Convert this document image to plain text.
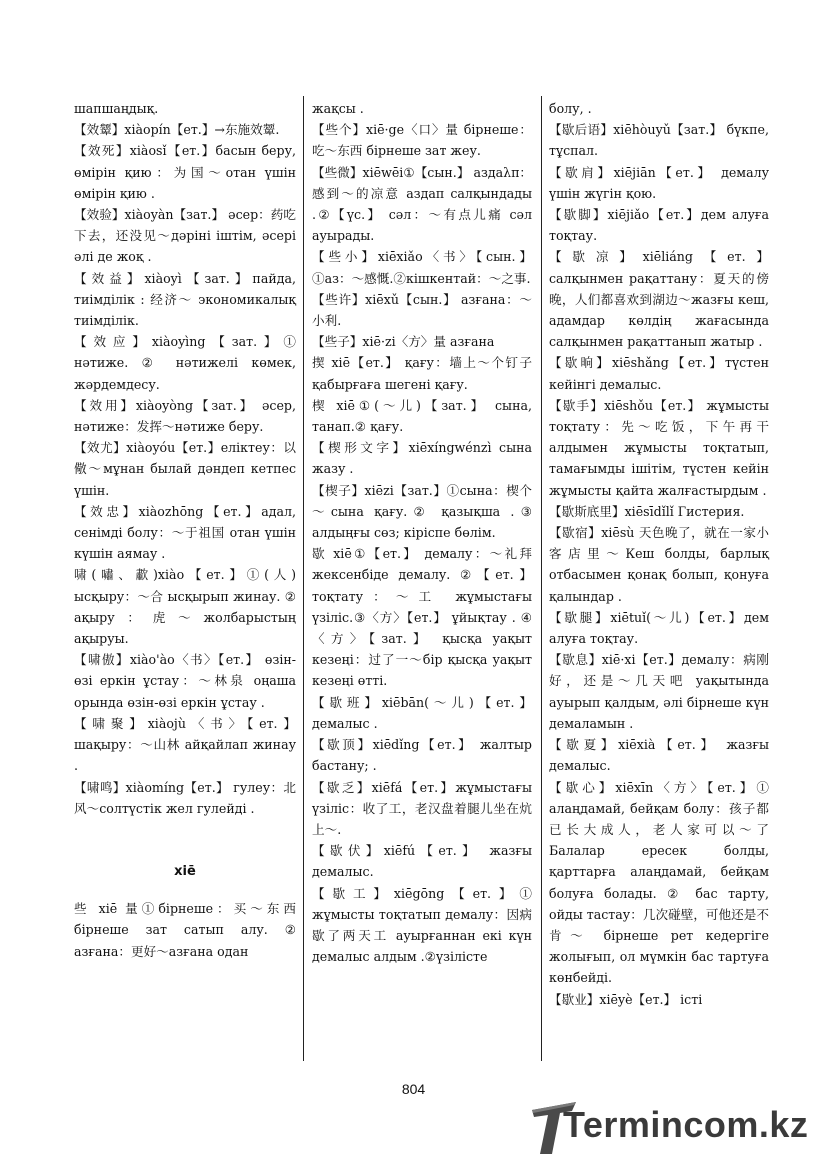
шапшаңдық.

【效颦】xiàopín【ет.】→东施效颦.

【效死】xiàosǐ【ет.】басын беру, өмірін қию：为国～отан үшін өмірін қию .

【效验】xiàoyàn【зат.】 әсер：药吃下去，还没见～дәріні іштім, әсері әлі де жоқ .

【效益】xiàoyì【зат.】пайда, тиімділік : 经济～ экономикалық тиімділік.

【效应】xiàoyìng【зат.】① нәтиже. ② нәтижелі көмек, жәрдемдесу.

【效用】xiàoyòng【зат.】 әсер, нәтиже：发挥～нәтиже беру.

【效尤】xiàoyóu【ет.】еліктеу：以儆～мұнан былай дәндеп кетпес үшін.

【效忠】xiàozhōng【ет.】адал, сенімді болу：～于祖国 отан үшін күшін аямау .

啸(嘯、歗)xiào【ет.】①(人) ысқыру：～合 ысқырып жинау. ② ақыру：虎～жолбарыстың ақыруы.

【啸傲】xiào'ào〈书〉【ет.】 өзін-өзі еркін ұстау：～林泉 оңаша орында өзін-өзі еркін ұстау .

【啸聚】xiàojù〈书〉【ет.】 шақыру：～山林 айқайлап жинау .

【啸鸣】xiàomíng【ет.】 гулеу：北风～солтүстік жел гулейді .

xiē

些 xiē 量①бірнеше：买～东西 бірнеше зат сатып алу. ② азғана：更好～азғана одан

жақсы .

【些个】xiē·ge〈口〉量 бірнеше：吃～东西 бірнеше зат жеу.

【些微】xiēwēi①【сын.】 аздаλπ：感到～的凉意 аздап салқындады .②【үс.】 сәл：～有点儿痛 сәл ауырады.

【些小】xiēxiǎo〈书〉【сын.】①аз：～感慨.②кішкентай：～之事.

【些许】xiēxǔ【сын.】 азғана：～小利.

【些子】xiē·zi〈方〉量 азғана

揳 xiē【ет.】 қағу：墙上～个钉子 қабырғаға шегені қағу.

楔 xiē①(～儿)【зат.】 сына, танап.② қағу.

【楔形文字】xiēxíngwénzì сына жазу .

【楔子】xiēzi【зат.】①сына：楔个～сына қағу.② қазықша .③ алдыңғы сөз; кіріспе бөлім.

歇 xiē①【ет.】 демалу：～礼拜 жексенбіде демалу. ②【ет.】 тоқтату：～工 жұмыстағы үзіліс.③〈方〉【ет.】 ұйықтау . ④〈方〉【зат.】 қысқа уақыт кезеңі：过了一～бір қысқа уақыт кезеңі өтті.

【歇班】xiēbān(～儿)【ет.】 демалыс .

【歇顶】xiēdǐng【ет.】 жалтыр бастану; .

【歇乏】xiēfá【ет.】жұмыстағы үзіліс：收了工，老汉盘着腿儿坐在炕上～.

【歇伏】xiēfú【ет.】 жазғы демалыс.

【歇工】xiēgōng【ет.】① жұмысты тоқтатып демалу：因病歇了两天工 ауырғаннан екі күн демалыс алдым .②үзілісте

болу, .

【歇后语】xiēhòuyǔ【зат.】 бүкпе, тұспал.

【歇肩】xiējiān【ет.】 демалу үшін жүгін қою.

【歇脚】xiējiǎo【ет.】дем алуға тоқтау.

【歇凉】xiēliáng【ет.】 салқынмен рақаттану：夏天的傍晚，人们都喜欢到湖边～жазғы кеш, адамдар көлдің жағасында салқынмен рақаттанып жатыр .

【歇晌】xiēshǎng【ет.】түстен кейінгі демалыс.

【歇手】xiēshǒu【ет.】 жұмысты тоқтату：先～吃饭，下午再干 алдымен жұмысты тоқтатып, тамағымды ішітім, түстен кейін жұмысты қайта жалғастырдым .

【歇斯底里】xiēsīdǐlǐ Гистерия.

【歇宿】xiēsù 天色晚了，就在一家小客店里～Кеш болды, барлық отбасымен қонақ болып, қонуға қалындар .

【歇腿】xiētuǐ(～儿)【ет.】дем алуға тоқтау.

【歇息】xiē·xi【ет.】демалу：病刚好，还是～几天吧 уақытында ауырып қалдым, әлі бірнеше күн демаламын .

【歇夏】xiēxià【ет.】 жазғы демалыс.

【歇心】xiēxīn〈方〉【ет.】① алаңдамай, бейқам болу：孩子都已长大成人，老人家可以～了 Балалар ересек болды, қарттарға алаңдамай, бейқам болуға болады. ② бас тарту, ойды тастау：几次碰壁，可他还是不肯～ бірнеше рет кедергіге жолығып, ол мүмкін бас тартуға көнбейді.

【歇业】xiēyè【ет.】 істі

804
Termincom.kz
